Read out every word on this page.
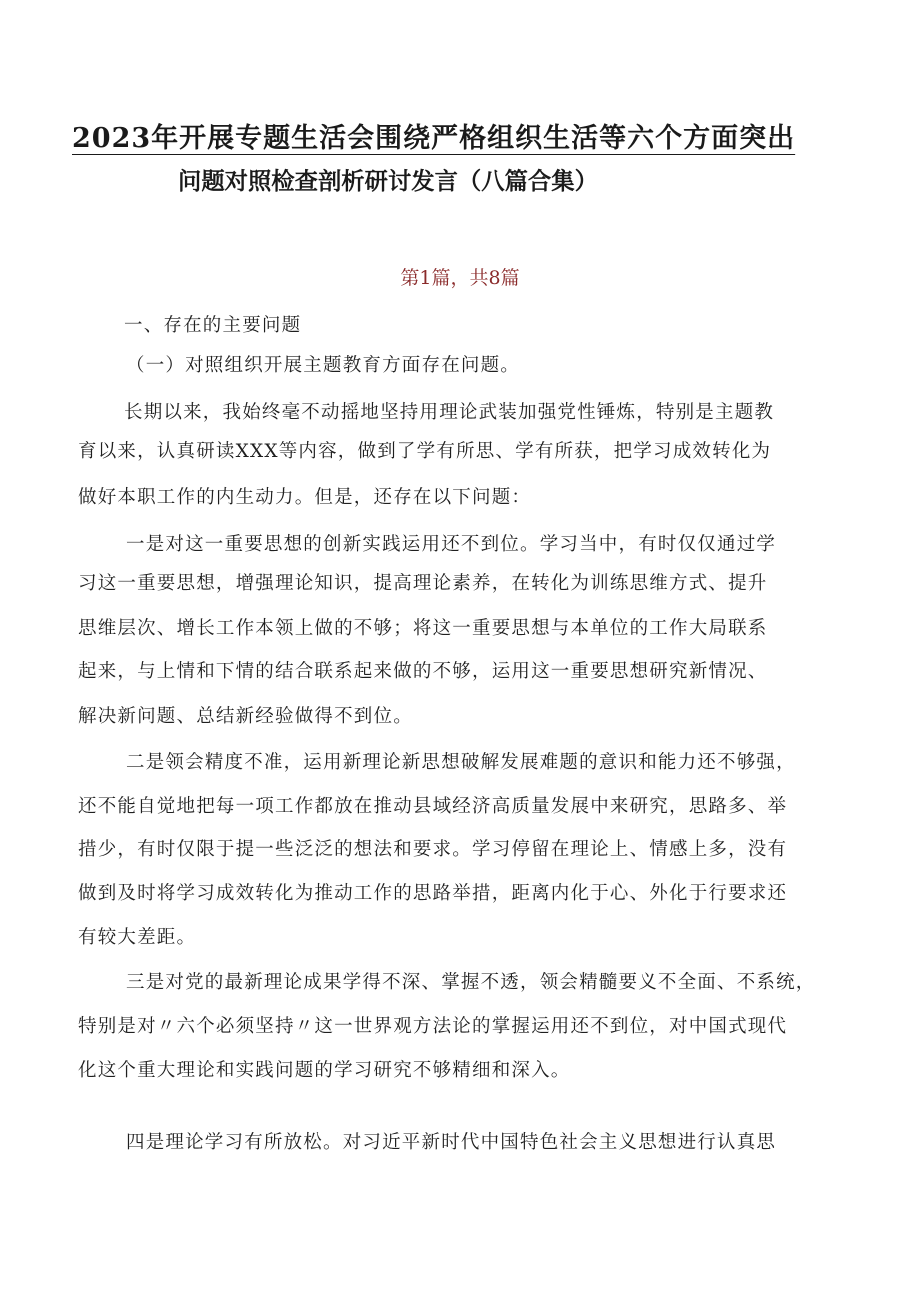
2023年开展专题生活会围绕严格组织生活等六个方面突出
问题对照检查剖析研讨发言（八篇合集）
第1篇，共8篇
一、存在的主要问题
（一）对照组织开展主题教育方面存在问题。
长期以来，我始终毫不动摇地坚持用理论武装加强党性锤炼，特别是主题教
育以来，认真研读XXX等内容，做到了学有所思、学有所获，把学习成效转化为
做好本职工作的内生动力。但是，还存在以下问题：
一是对这一重要思想的创新实践运用还不到位。学习当中，有时仅仅通过学
习这一重要思想，增强理论知识，提高理论素养，在转化为训练思维方式、提升
思维层次、增长工作本领上做的不够；将这一重要思想与本单位的工作大局联系
起来，与上情和下情的结合联系起来做的不够，运用这一重要思想研究新情况、
解决新问题、总结新经验做得不到位。
二是领会精度不准，运用新理论新思想破解发展难题的意识和能力还不够强，
还不能自觉地把每一项工作都放在推动县域经济高质量发展中来研究，思路多、举
措少，有时仅限于提一些泛泛的想法和要求。学习停留在理论上、情感上多，没有
做到及时将学习成效转化为推动工作的思路举措，距离内化于心、外化于行要求还
有较大差距。
三是对党的最新理论成果学得不深、掌握不透，领会精髓要义不全面、不系统，
特别是对〃六个必须坚持〃这一世界观方法论的掌握运用还不到位，对中国式现代
化这个重大理论和实践问题的学习研究不够精细和深入。
四是理论学习有所放松。对习近平新时代中国特色社会主义思想进行认真思
